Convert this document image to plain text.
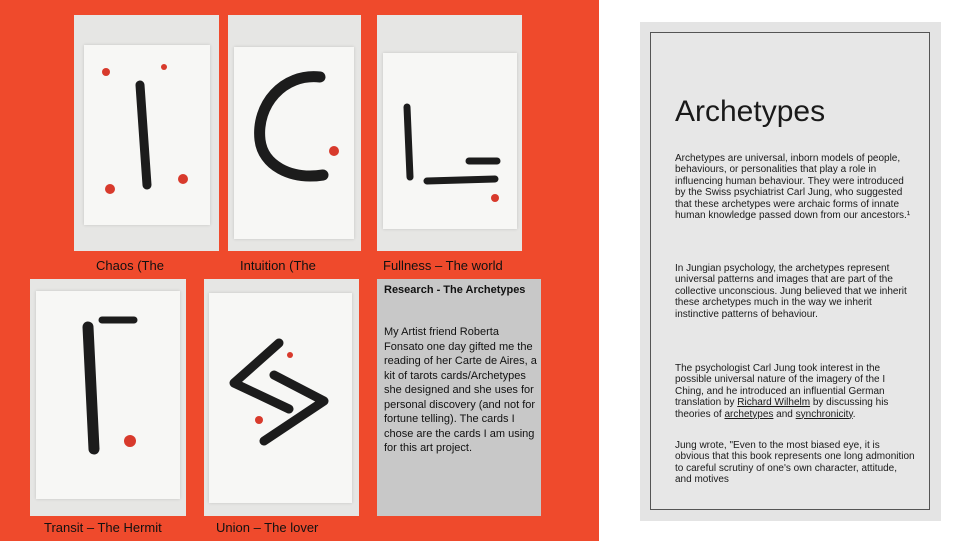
Chaos (The	Intuition (The	Fullness – The world
Transit – The Hermit	Union – The lover
Research - The Archetypes
My Artist friend Roberta Fonsato one day gifted me the reading of her Carte de Aires, a kit of tarots cards/Archetypes she designed and she uses for personal discovery (and not for fortune telling). The cards I chose are the cards I am using for this art project.
Archetypes
Archetypes are universal, inborn models of people, behaviours, or personalities that play a role in influencing human behaviour. They were introduced by the Swiss psychiatrist Carl Jung, who suggested that these archetypes were archaic forms of innate human knowledge passed down from our ancestors.¹
In Jungian psychology, the archetypes represent universal patterns and images that are part of the collective unconscious. Jung believed that we inherit these archetypes much in the way we inherit instinctive patterns of behaviour.
The psychologist Carl Jung took interest in the possible universal nature of the imagery of the I Ching, and he introduced an influential German translation by Richard Wilhelm by discussing his theories of archetypes and synchronicity.
Jung wrote, "Even to the most biased eye, it is obvious that this book represents one long admonition to careful scrutiny of one's own character, attitude, and motives
